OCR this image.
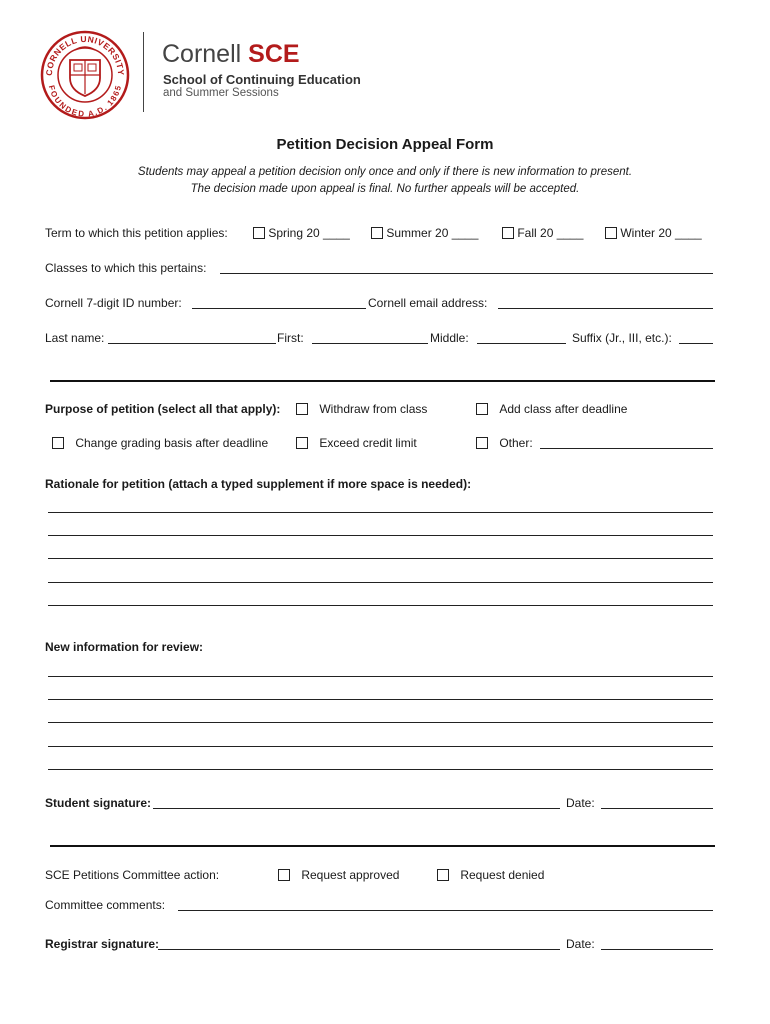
CORNELL UNIVERSITY
FOUNDED A.D. 1865
Cornell SCE
School of Continuing Education
and Summer Sessions
Petition Decision Appeal Form
Students may appeal a petition decision only once and only if there is new information to present.
The decision made upon appeal is final. No further appeals will be accepted.
Term to which this petition applies:	Spring 20 ____	Summer 20 ____	Fall 20 ____	Winter 20 ____
Classes to which this pertains:
Cornell 7-digit ID number:	Cornell email address:
Last name:	First:	Middle:	Suffix (Jr., III, etc.):
Purpose of petition (select all that apply):	Withdraw from class	Add class after deadline
Change grading basis after deadline	Exceed credit limit	Other:
Rationale for petition (attach a typed supplement if more space is needed):
New information for review:
Student signature:	Date:
SCE Petitions Committee action:	Request approved	Request denied
Committee comments:
Registrar signature:	Date:
